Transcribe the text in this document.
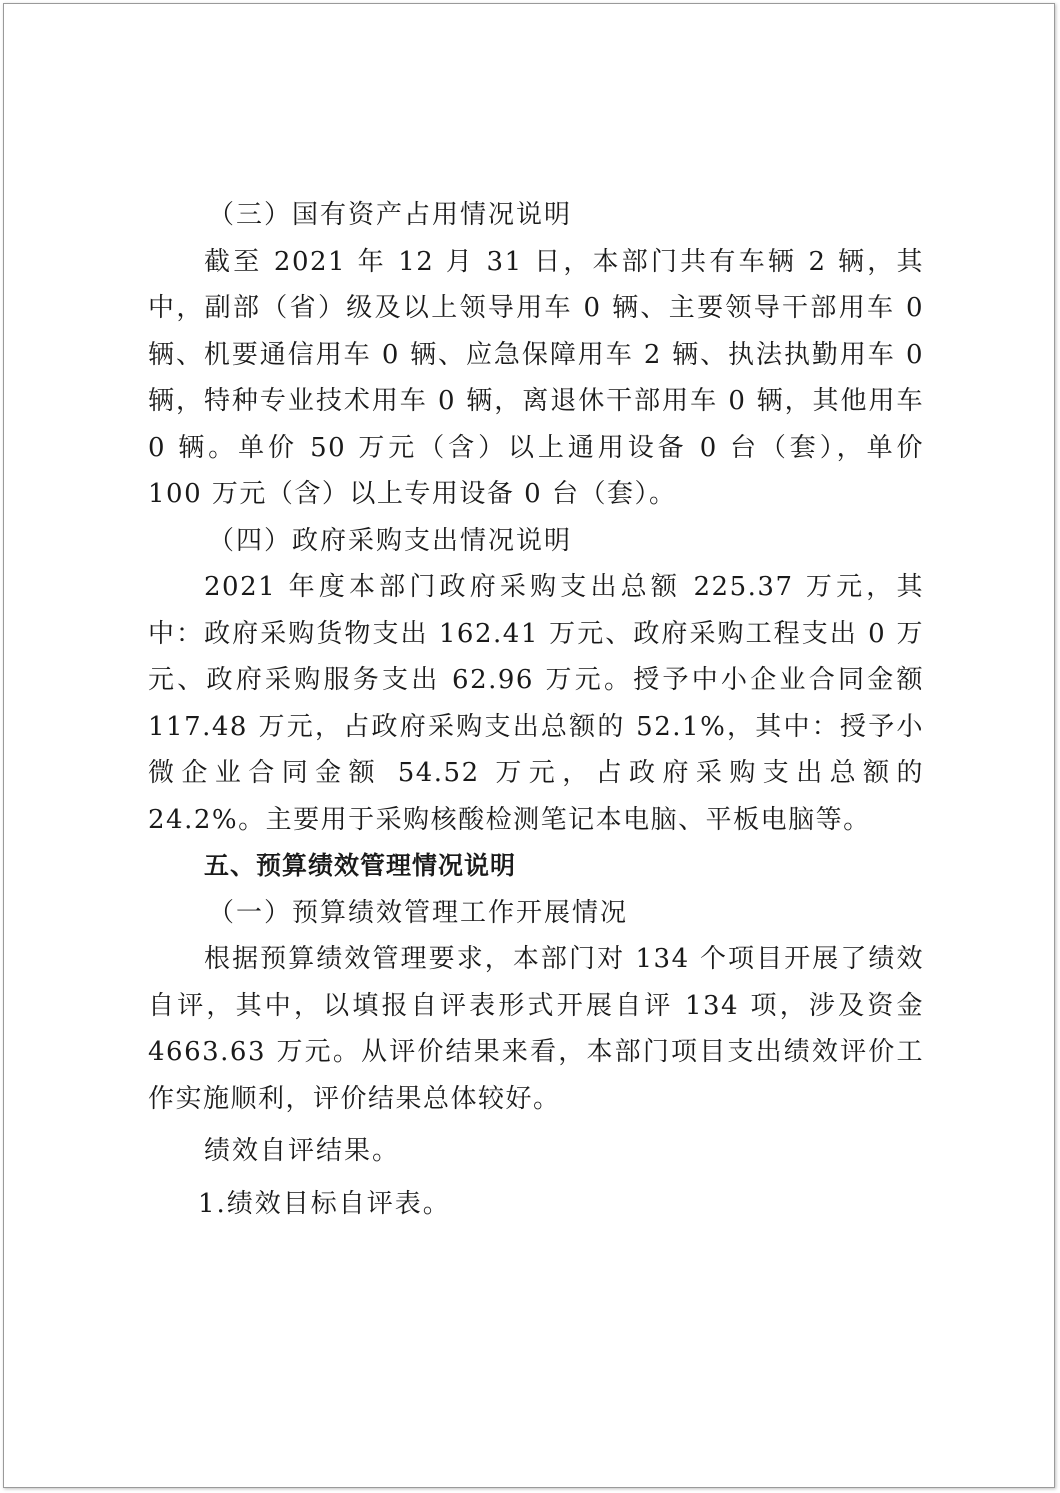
（三）国有资产占用情况说明

截至 2021 年 12 月 31 日，本部门共有车辆 2 辆，其中，副部（省）级及以上领导用车 0 辆、主要领导干部用车 0 辆、机要通信用车 0 辆、应急保障用车 2 辆、执法执勤用车 0 辆，特种专业技术用车 0 辆，离退休干部用车 0 辆，其他用车 0 辆。单价 50 万元（含）以上通用设备 0 台（套），单价 100 万元（含）以上专用设备 0 台（套）。

（四）政府采购支出情况说明

2021 年度本部门政府采购支出总额 225.37 万元，其中：政府采购货物支出 162.41 万元、政府采购工程支出 0 万元、政府采购服务支出 62.96 万元。授予中小企业合同金额 117.48 万元，占政府采购支出总额的 52.1%，其中：授予小微企业合同金额 54.52 万元，占政府采购支出总额的 24.2%。主要用于采购核酸检测笔记本电脑、平板电脑等。

五、预算绩效管理情况说明

（一）预算绩效管理工作开展情况

根据预算绩效管理要求，本部门对 134 个项目开展了绩效自评，其中，以填报自评表形式开展自评 134 项，涉及资金 4663.63 万元。从评价结果来看，本部门项目支出绩效评价工作实施顺利，评价结果总体较好。

绩效自评结果。

1.绩效目标自评表。
